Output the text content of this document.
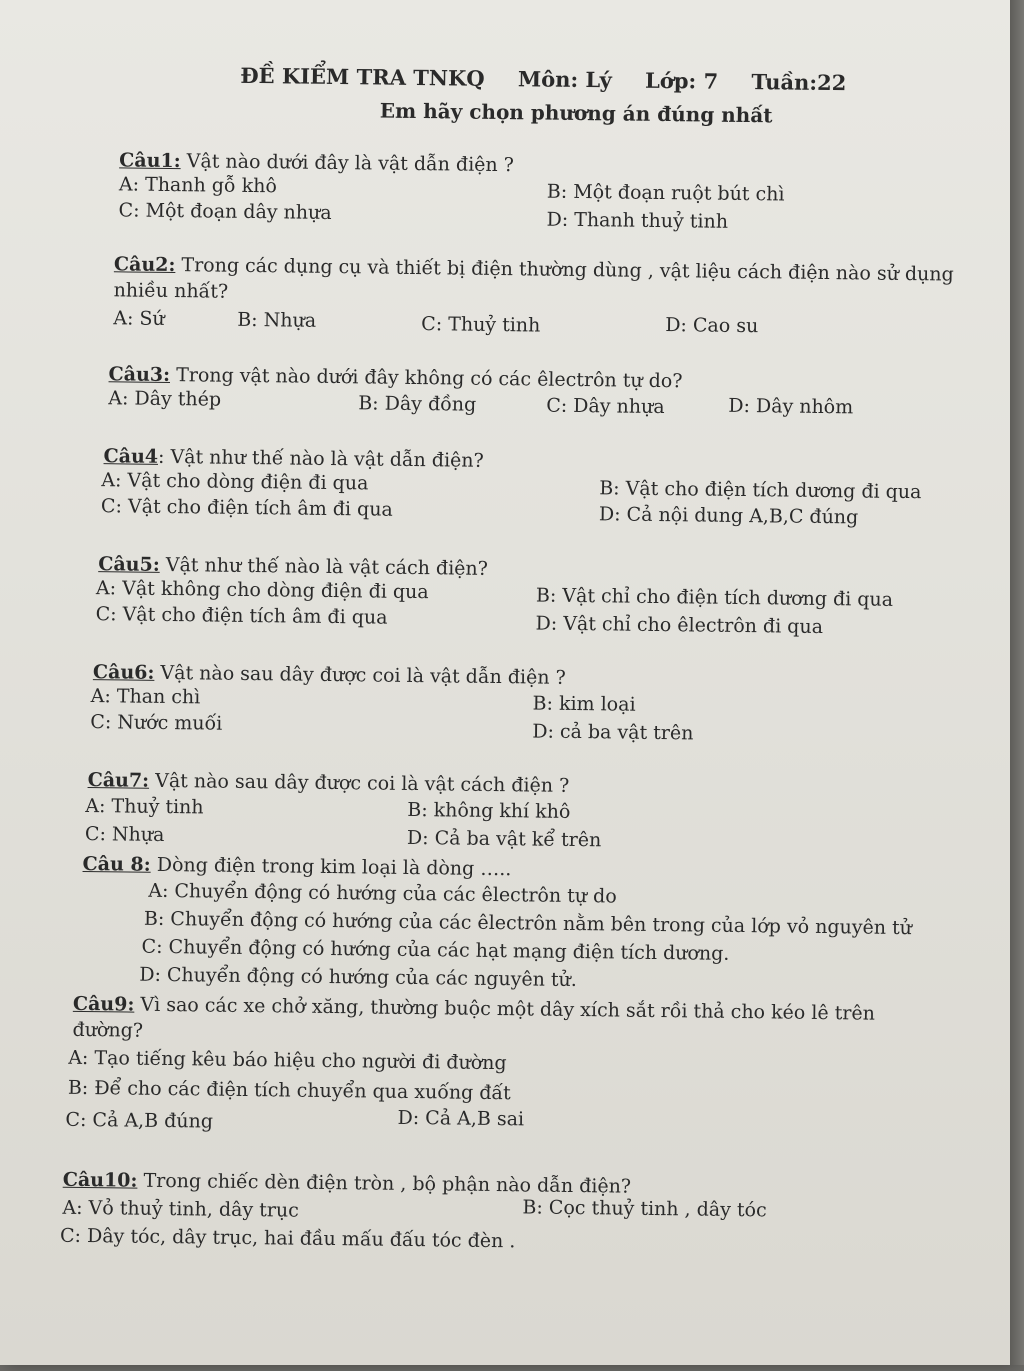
ĐỀ KIỂM TRA TNKQ Môn: Lý Lớp: 7 Tuần:22
Em hãy chọn phương án đúng nhất
Câu1: Vật nào dưới đây là vật dẫn điện ?
A: Thanh gỗ khô	B: Một đoạn ruột bút chì
C: Một đoạn dây nhựa	D: Thanh thuỷ tinh
Câu2: Trong các dụng cụ và thiết bị điện thường dùng , vật liệu cách điện nào sử dụng nhiều nhất?
A: Sứ	B: Nhựa	C: Thuỷ tinh	D: Cao su
Câu3: Trong vật nào dưới đây không có các êlectrôn tự do?
A: Dây thép	B: Dây đồng	C: Dây nhựa	D: Dây nhôm
Câu4: Vật như thế nào là vật dẫn điện?
A: Vật cho dòng điện đi qua	B: Vật cho điện tích dương đi qua
C: Vật cho điện tích âm đi qua	D: Cả nội dung A,B,C đúng
Câu5: Vật như thế nào là vật cách điện?
A: Vật không cho dòng điện đi qua	B: Vật chỉ cho điện tích dương đi qua
C: Vật cho điện tích âm đi qua	D: Vật chỉ cho êlectrôn đi qua
Câu6: Vật nào sau dây được coi là vật dẫn điện ?
A: Than chì	B: kim loại
C: Nước muối	D: cả ba vật trên
Câu7: Vật nào sau dây được coi là vật cách điện ?
A: Thuỷ tinh	B: không khí khô
C: Nhựa	D: Cả ba vật kể trên
Câu 8: Dòng điện trong kim loại là dòng …..
A: Chuyển động có hướng của các êlectrôn tự do
B: Chuyển động có hướng của các êlectrôn nằm bên trong của lớp vỏ nguyên tử
C: Chuyển động có hướng của các hạt mạng điện tích dương.
D: Chuyển động có hướng của các nguyên tử.
Câu9: Vì sao các xe chở xăng, thường buộc một dây xích sắt rồi thả cho kéo lê trên đường?
A: Tạo tiếng kêu báo hiệu cho người đi đường
B: Để cho các điện tích chuyển qua xuống đất
C: Cả A,B đúng	D: Cả A,B sai
Câu10: Trong chiếc dèn điện tròn , bộ phận nào dẫn điện?
A: Vỏ thuỷ tinh, dây trục	B: Cọc thuỷ tinh , dây tóc
C: Dây tóc, dây trục, hai đầu mấu đấu tóc đèn .
